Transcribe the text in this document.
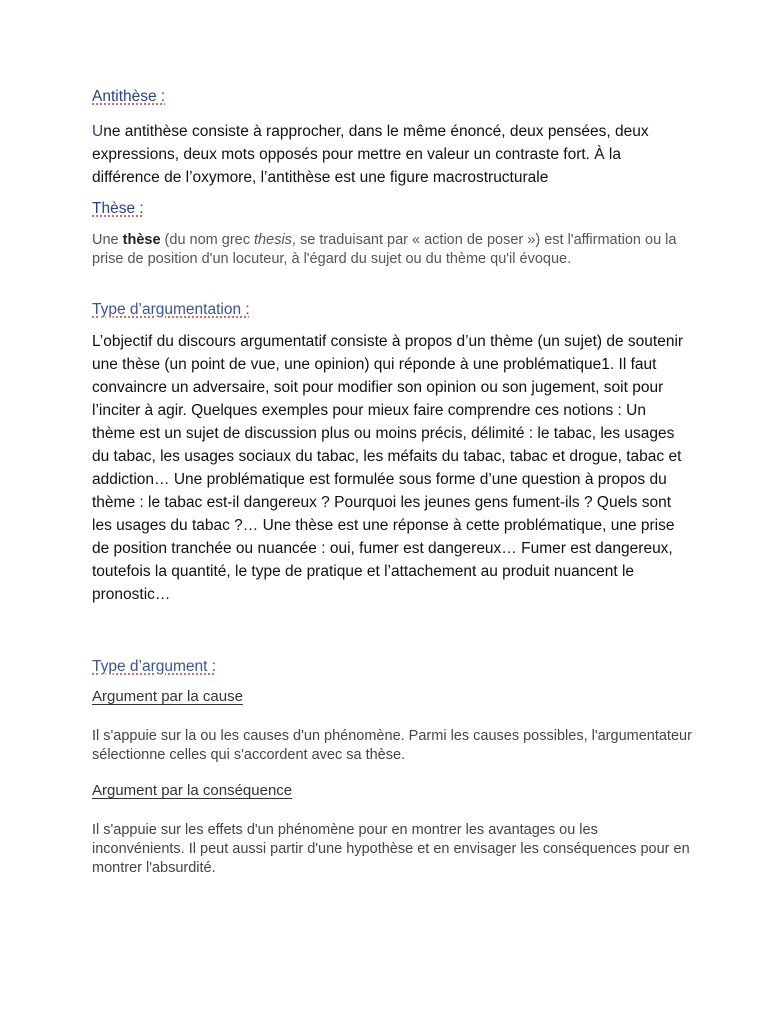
Antithèse :

Une antithèse consiste à rapprocher, dans le même énoncé, deux pensées, deux expressions, deux mots opposés pour mettre en valeur un contraste fort. À la différence de l’oxymore, l’antithèse est une figure macrostructurale

Thèse :

Une thèse (du nom grec thesis, se traduisant par « action de poser ») est l'affirmation ou la prise de position d'un locuteur, à l'égard du sujet ou du thème qu'il évoque.

Type d’argumentation :

L’objectif du discours argumentatif consiste à propos d’un thème (un sujet) de soutenir une thèse (un point de vue, une opinion) qui réponde à une problématique1. Il faut convaincre un adversaire, soit pour modifier son opinion ou son jugement, soit pour l’inciter à agir. Quelques exemples pour mieux faire comprendre ces notions : Un thème est un sujet de discussion plus ou moins précis, délimité : le tabac, les usages du tabac, les usages sociaux du tabac, les méfaits du tabac, tabac et drogue, tabac et addiction… Une problématique est formulée sous forme d’une question à propos du thème : le tabac est-il dangereux ? Pourquoi les jeunes gens fument-ils ? Quels sont les usages du tabac ?… Une thèse est une réponse à cette problématique, une prise de position tranchée ou nuancée : oui, fumer est dangereux… Fumer est dangereux, toutefois la quantité, le type de pratique et l’attachement au produit nuancent le pronostic…

Type d’argument :
Argument par la cause

Il s'appuie sur la ou les causes d'un phénomène. Parmi les causes possibles, l'argumentateur sélectionne celles qui s'accordent avec sa thèse.

Argument par la conséquence

Il s'appuie sur les effets d'un phénomène pour en montrer les avantages ou les inconvénients. Il peut aussi partir d'une hypothèse et en envisager les conséquences pour en montrer l'absurdité.
